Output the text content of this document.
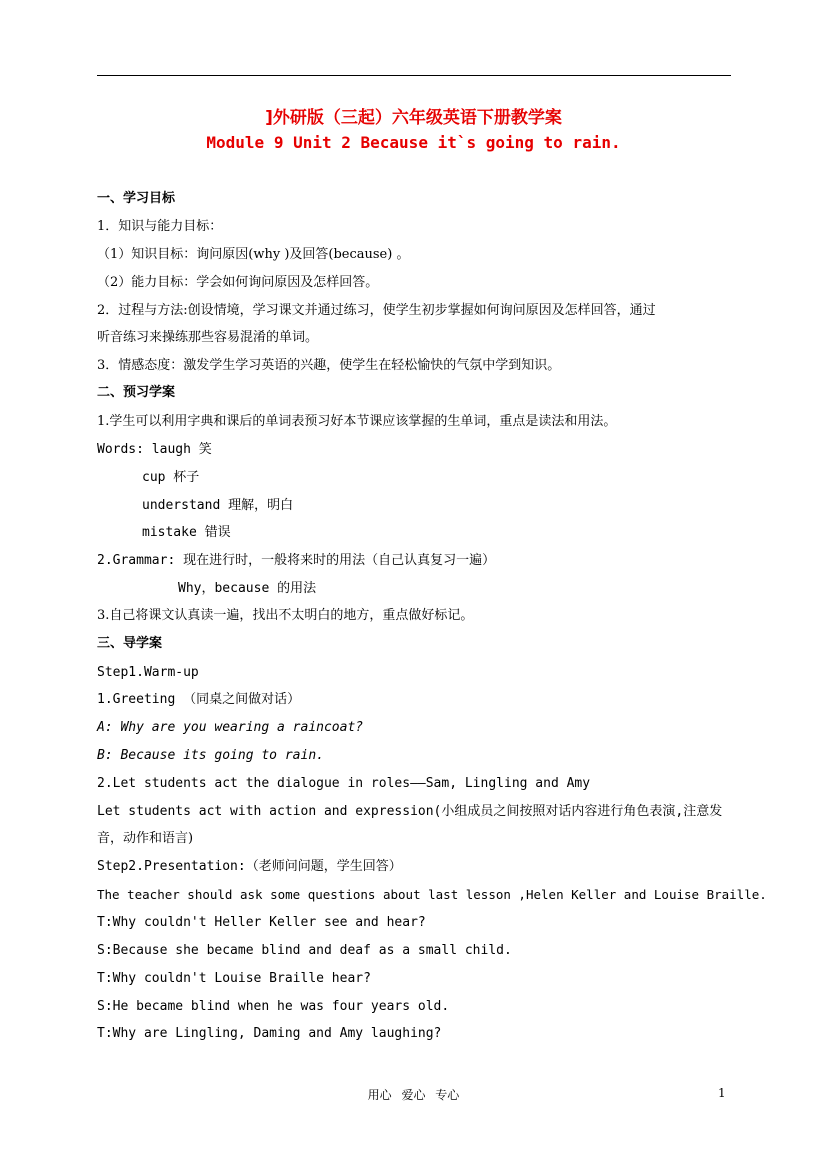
]外研版（三起）六年级英语下册教学案
Module 9 Unit 2 Because it`s going to rain.
一、学习目标
1．知识与能力目标：
（1）知识目标：询问原因(why )及回答(because) 。
（2）能力目标：学会如何询问原因及怎样回答。
2．过程与方法:创设情境，学习课文并通过练习，使学生初步掌握如何询问原因及怎样回答，通过
听音练习来操练那些容易混淆的单词。
3．情感态度：激发学生学习英语的兴趣，使学生在轻松愉快的气氛中学到知识。
二、预习学案
1.学生可以利用字典和课后的单词表预习好本节课应该掌握的生单词，重点是读法和用法。
Words: laugh 笑
cup 杯子
understand 理解，明白
mistake 错误
2.Grammar: 现在进行时，一般将来时的用法（自己认真复习一遍）
Why，because 的用法
3.自己将课文认真读一遍，找出不太明白的地方，重点做好标记。
三、导学案
Step1.Warm-up
1.Greeting （同桌之间做对话）
A: Why are you wearing a raincoat?
B: Because its going to rain.
2.Let students act the dialogue in roles——Sam, Lingling and Amy
Let students act with action and expression(小组成员之间按照对话内容进行角色表演,注意发
音，动作和语言)
Step2.Presentation:（老师问问题，学生回答）
The teacher should ask some questions about last lesson ,Helen Keller and Louise Braille.
T:Why couldn't Heller Keller see and hear?
S:Because she became blind and deaf as a small child.
T:Why couldn't Louise Braille hear?
S:He became blind when he was four years old.
T:Why are Lingling, Daming and Amy laughing?
用心 爱心 专心	1
